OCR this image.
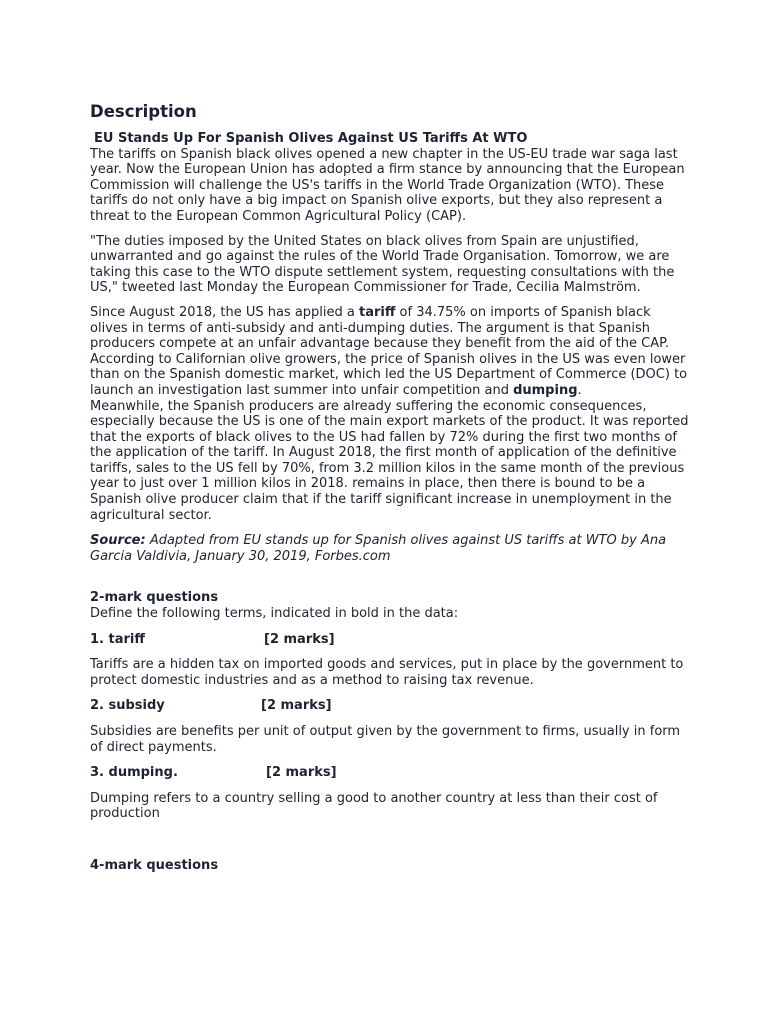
Description
EU Stands Up For Spanish Olives Against US Tariffs At WTO

The tariffs on Spanish black olives opened a new chapter in the US-EU trade war saga last year. Now the European Union has adopted a firm stance by announcing that the European Commission will challenge the US's tariffs in the World Trade Organization (WTO). These tariffs do not only have a big impact on Spanish olive exports, but they also represent a threat to the European Common Agricultural Policy (CAP).

"The duties imposed by the United States on black olives from Spain are unjustified, unwarranted and go against the rules of the World Trade Organisation. Tomorrow, we are taking this case to the WTO dispute settlement system, requesting consultations with the US," tweeted last Monday the European Commissioner for Trade, Cecilia Malmström.

Since August 2018, the US has applied a tariff of 34.75% on imports of Spanish black olives in terms of anti-subsidy and anti-dumping duties. The argument is that Spanish producers compete at an unfair advantage because they benefit from the aid of the CAP. According to Californian olive growers, the price of Spanish olives in the US was even lower than on the Spanish domestic market, which led the US Department of Commerce (DOC) to launch an investigation last summer into unfair competition and dumping.

Meanwhile, the Spanish producers are already suffering the economic consequences, especially because the US is one of the main export markets of the product. It was reported that the exports of black olives to the US had fallen by 72% during the first two months of the application of the tariff. In August 2018, the first month of application of the definitive tariffs, sales to the US fell by 70%, from 3.2 million kilos in the same month of the previous year to just over 1 million kilos in 2018. remains in place, then there is bound to be a Spanish olive producer claim that if the tariff significant increase in unemployment in the agricultural sector.

Source: Adapted from EU stands up for Spanish olives against US tariffs at WTO by Ana Garcia Valdivia, January 30, 2019, Forbes.com

2-mark questions

Define the following terms, indicated in bold in the data:

1. tariff	[2 marks]

Tariffs are a hidden tax on imported goods and services, put in place by the government to protect domestic industries and as a method to raising tax revenue.

2. subsidy	[2 marks]

Subsidies are benefits per unit of output given by the government to firms, usually in form of direct payments.

3. dumping.	[2 marks]

Dumping refers to a country selling a good to another country at less than their cost of production

4-mark questions
